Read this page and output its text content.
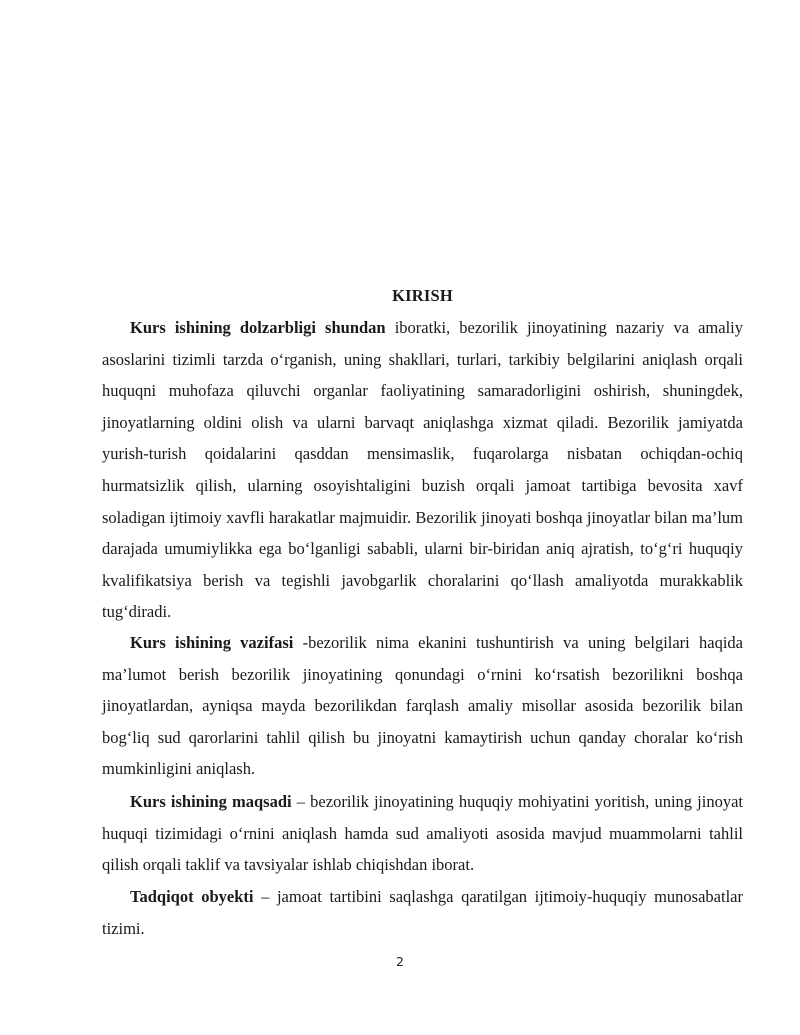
KIRISH

Kurs ishining dolzarbligi shundan iboratki, bezorilik jinoyatining nazariy va amaliy asoslarini tizimli tarzda o‘rganish, uning shakllari, turlari, tarkibiy belgilarini aniqlash orqali huquqni muhofaza qiluvchi organlar faoliyatining samaradorligini oshirish, shuningdek, jinoyatlarning oldini olish va ularni barvaqt aniqlashga xizmat qiladi. Bezorilik jamiyatda yurish-turish qoidalarini qasddan mensimaslik, fuqarolarga nisbatan ochiqdan-ochiq hurmatsizlik qilish, ularning osoyishtaligini buzish orqali jamoat tartibiga bevosita xavf soladigan ijtimoiy xavfli harakatlar majmuidir. Bezorilik jinoyati boshqa jinoyatlar bilan ma’lum darajada umumiylikka ega bo‘lganligi sababli, ularni bir-biridan aniq ajratish, to‘g‘ri huquqiy kvalifikatsiya berish va tegishli javobgarlik choralarini qo‘llash amaliyotda murakkablik tug‘diradi.

Kurs ishining vazifasi -bezorilik nima ekanini tushuntirish va uning belgilari haqida ma’lumot berish bezorilik jinoyatining qonundagi o‘rnini ko‘rsatish bezorilikni boshqa jinoyatlardan, ayniqsa mayda bezorilikdan farqlash amaliy misollar asosida bezorilik bilan bog‘liq sud qarorlarini tahlil qilish bu jinoyatni kamaytirish uchun qanday choralar ko‘rish mumkinligini aniqlash.

Kurs ishining maqsadi – bezorilik jinoyatining huquqiy mohiyatini yoritish, uning jinoyat huquqi tizimidagi o‘rnini aniqlash hamda sud amaliyoti asosida mavjud muammolarni tahlil qilish orqali taklif va tavsiyalar ishlab chiqishdan iborat.

Tadqiqot obyekti – jamoat tartibini saqlashga qaratilgan ijtimoiy-huquqiy munosabatlar tizimi.

2
